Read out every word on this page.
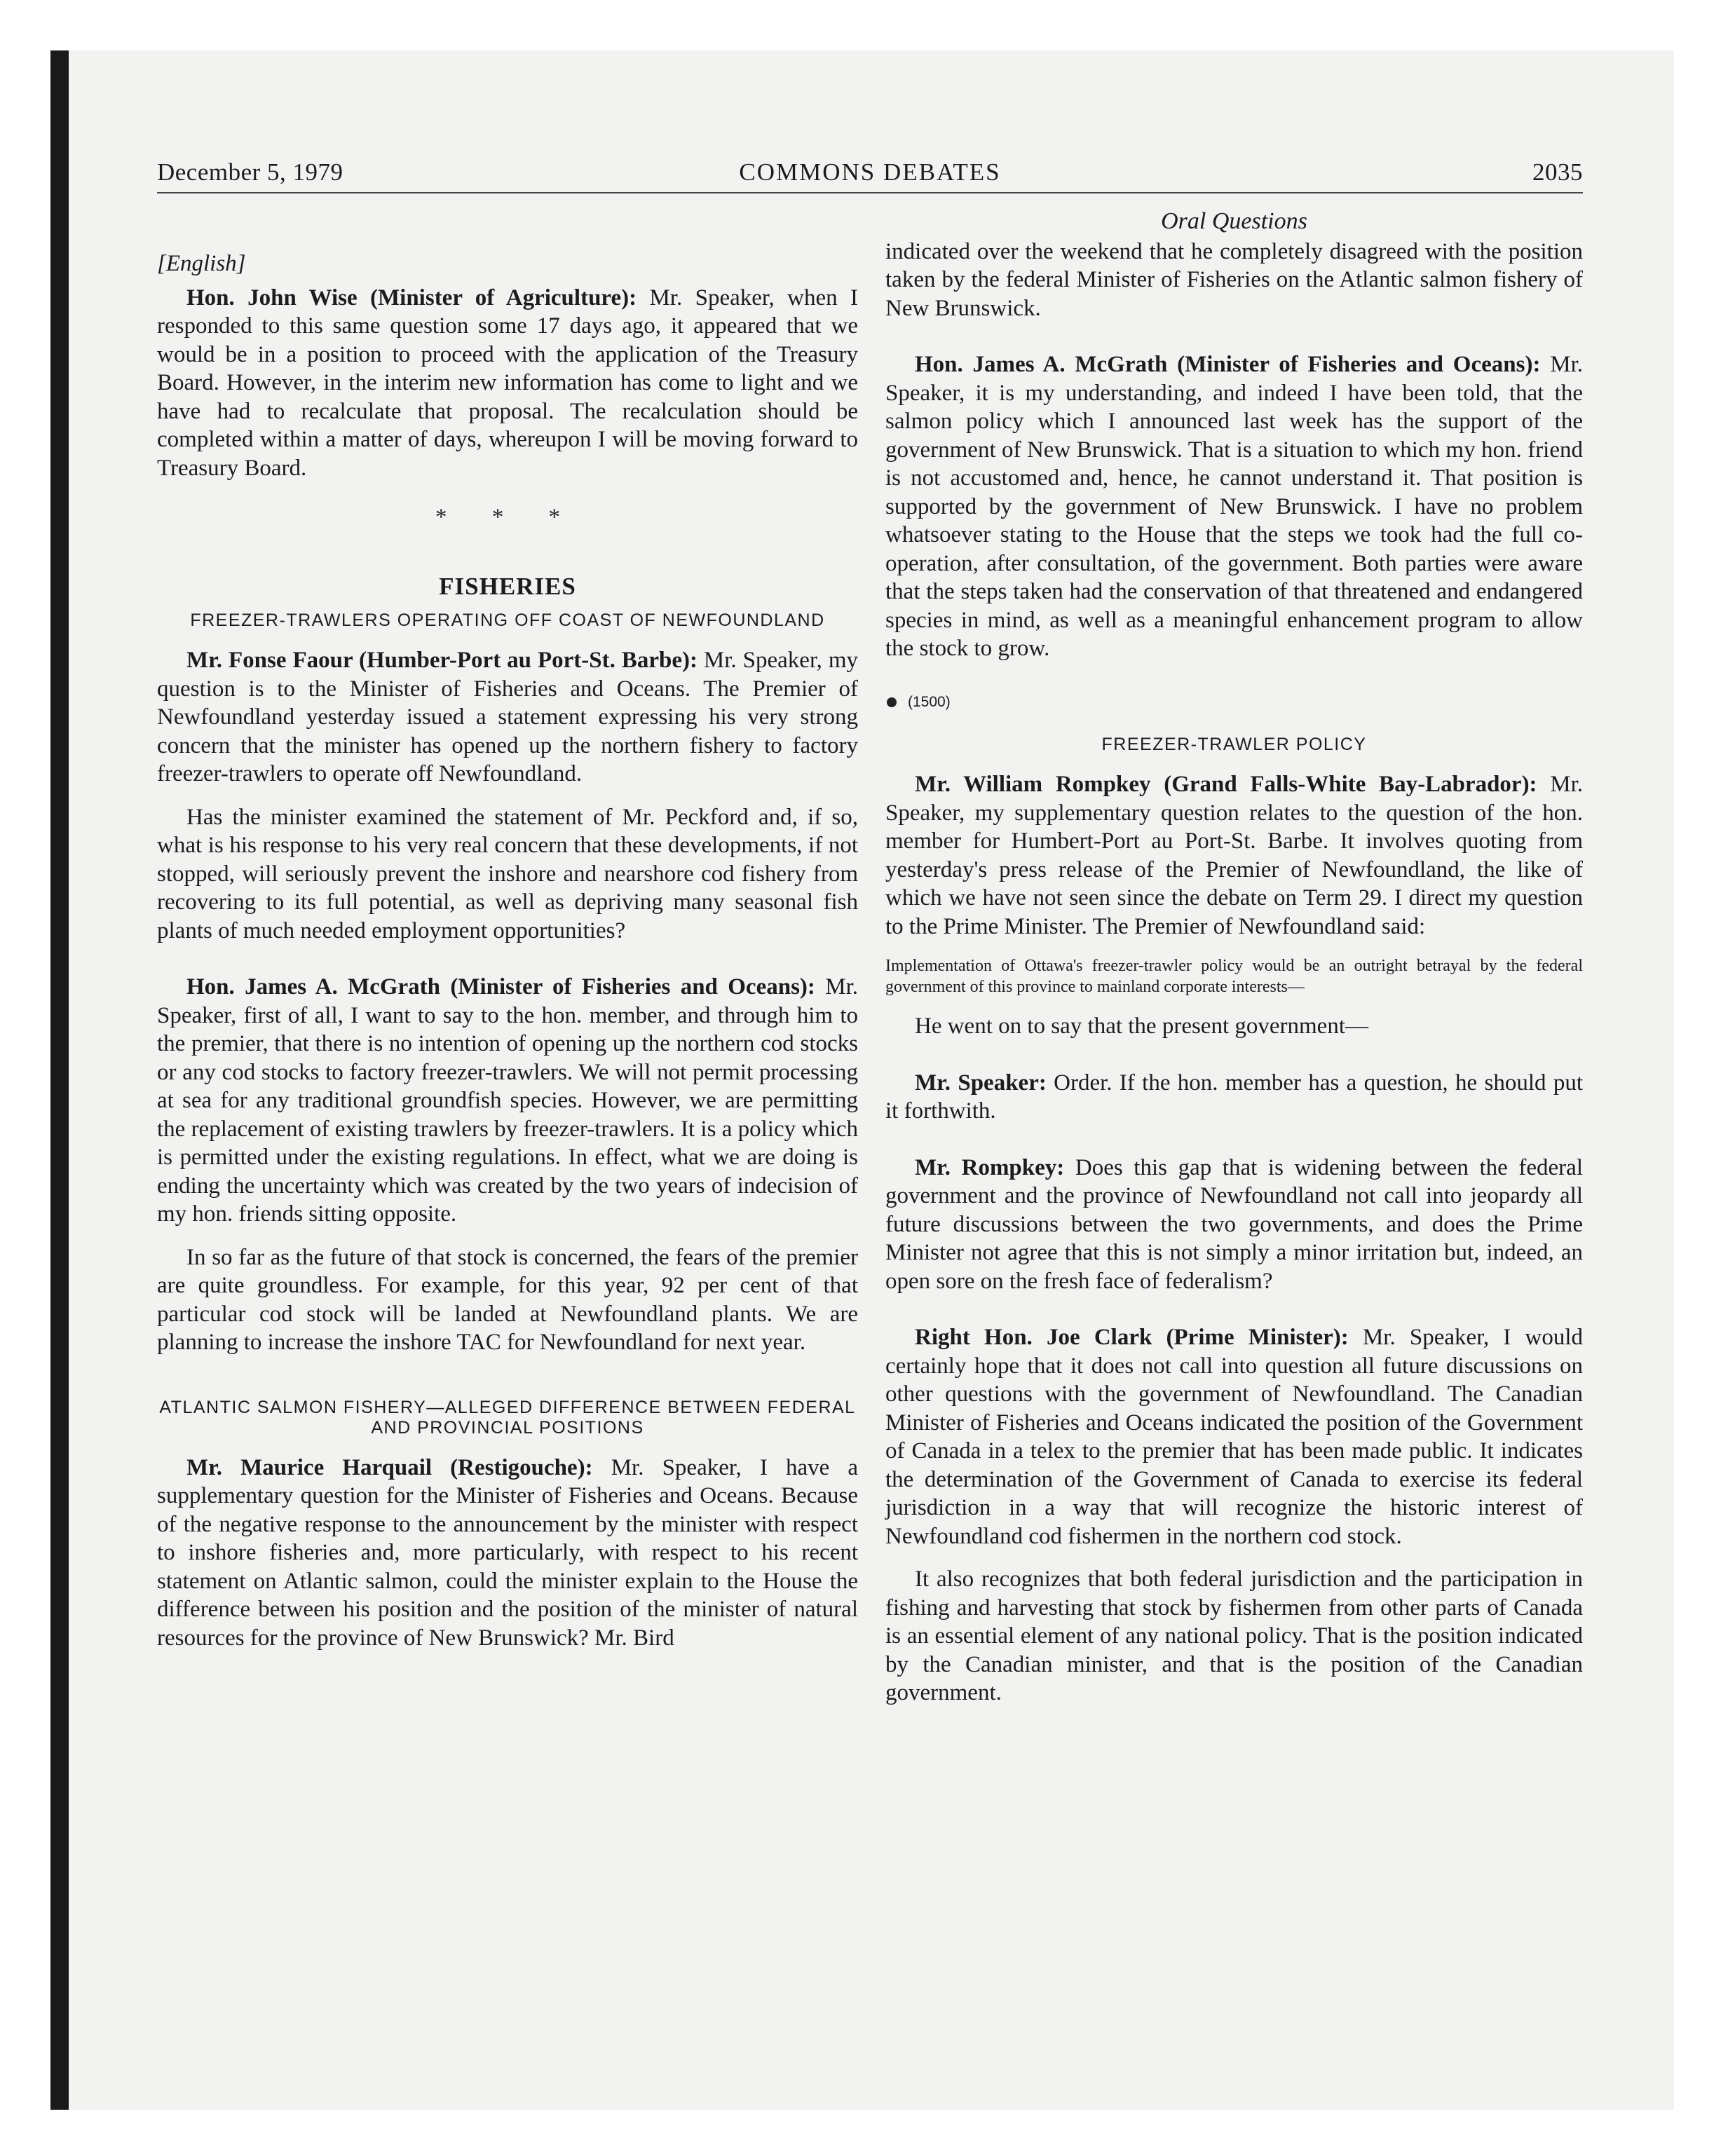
December 5, 1979	COMMONS DEBATES	2035
[English]

Hon. John Wise (Minister of Agriculture): Mr. Speaker, when I responded to this same question some 17 days ago, it appeared that we would be in a position to proceed with the application of the Treasury Board. However, in the interim new information has come to light and we have had to recalculate that proposal. The recalculation should be completed within a matter of days, whereupon I will be moving forward to Treasury Board.

* * *
FISHERIES
FREEZER-TRAWLERS OPERATING OFF COAST OF NEWFOUNDLAND

Mr. Fonse Faour (Humber-Port au Port-St. Barbe): Mr. Speaker, my question is to the Minister of Fisheries and Oceans. The Premier of Newfoundland yesterday issued a statement expressing his very strong concern that the minister has opened up the northern fishery to factory freezer-trawlers to operate off Newfoundland.

Has the minister examined the statement of Mr. Peckford and, if so, what is his response to his very real concern that these developments, if not stopped, will seriously prevent the inshore and nearshore cod fishery from recovering to its full potential, as well as depriving many seasonal fish plants of much needed employment opportunities?

Hon. James A. McGrath (Minister of Fisheries and Oceans): Mr. Speaker, first of all, I want to say to the hon. member, and through him to the premier, that there is no intention of opening up the northern cod stocks or any cod stocks to factory freezer-trawlers. We will not permit processing at sea for any traditional groundfish species. However, we are permitting the replacement of existing trawlers by freezer-trawlers. It is a policy which is permitted under the existing regulations. In effect, what we are doing is ending the uncertainty which was created by the two years of indecision of my hon. friends sitting opposite.

In so far as the future of that stock is concerned, the fears of the premier are quite groundless. For example, for this year, 92 per cent of that particular cod stock will be landed at Newfoundland plants. We are planning to increase the inshore TAC for Newfoundland for next year.

ATLANTIC SALMON FISHERY—ALLEGED DIFFERENCE BETWEEN FEDERAL AND PROVINCIAL POSITIONS

Mr. Maurice Harquail (Restigouche): Mr. Speaker, I have a supplementary question for the Minister of Fisheries and Oceans. Because of the negative response to the announcement by the minister with respect to inshore fisheries and, more particularly, with respect to his recent statement on Atlantic salmon, could the minister explain to the House the difference between his position and the position of the minister of natural resources for the province of New Brunswick? Mr. Bird

Oral Questions

indicated over the weekend that he completely disagreed with the position taken by the federal Minister of Fisheries on the Atlantic salmon fishery of New Brunswick.

Hon. James A. McGrath (Minister of Fisheries and Oceans): Mr. Speaker, it is my understanding, and indeed I have been told, that the salmon policy which I announced last week has the support of the government of New Brunswick. That is a situation to which my hon. friend is not accustomed and, hence, he cannot understand it. That position is supported by the government of New Brunswick. I have no problem whatsoever stating to the House that the steps we took had the full co-operation, after consultation, of the government. Both parties were aware that the steps taken had the conservation of that threatened and endangered species in mind, as well as a meaningful enhancement program to allow the stock to grow.

(1500)
FREEZER-TRAWLER POLICY

Mr. William Rompkey (Grand Falls-White Bay-Labrador): Mr. Speaker, my supplementary question relates to the question of the hon. member for Humbert-Port au Port-St. Barbe. It involves quoting from yesterday's press release of the Premier of Newfoundland, the like of which we have not seen since the debate on Term 29. I direct my question to the Prime Minister. The Premier of Newfoundland said:

Implementation of Ottawa's freezer-trawler policy would be an outright betrayal by the federal government of this province to mainland corporate interests—

He went on to say that the present government—

Mr. Speaker: Order. If the hon. member has a question, he should put it forthwith.

Mr. Rompkey: Does this gap that is widening between the federal government and the province of Newfoundland not call into jeopardy all future discussions between the two governments, and does the Prime Minister not agree that this is not simply a minor irritation but, indeed, an open sore on the fresh face of federalism?

Right Hon. Joe Clark (Prime Minister): Mr. Speaker, I would certainly hope that it does not call into question all future discussions on other questions with the government of Newfoundland. The Canadian Minister of Fisheries and Oceans indicated the position of the Government of Canada in a telex to the premier that has been made public. It indicates the determination of the Government of Canada to exercise its federal jurisdiction in a way that will recognize the historic interest of Newfoundland cod fishermen in the northern cod stock.

It also recognizes that both federal jurisdiction and the participation in fishing and harvesting that stock by fishermen from other parts of Canada is an essential element of any national policy. That is the position indicated by the Canadian minister, and that is the position of the Canadian government.
